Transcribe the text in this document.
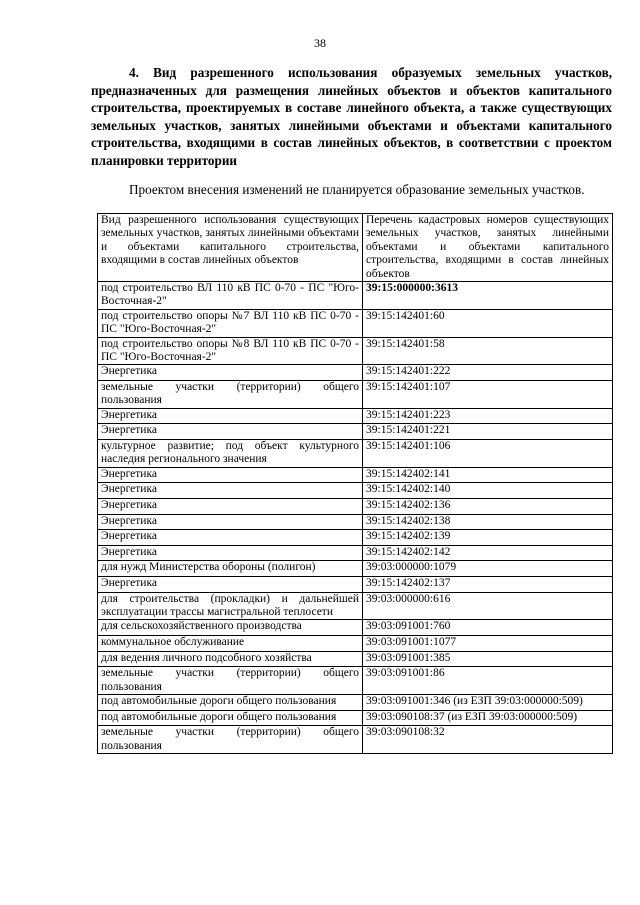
38
4. Вид разрешенного использования образуемых земельных участков, предназначенных для размещения линейных объектов и объектов капитального строительства, проектируемых в составе линейного объекта, а также существующих земельных участков, занятых линейными объектами и объектами капитального строительства, входящими в состав линейных объектов, в соответствии с проектом планировки территории
Проектом внесения изменений не планируется образование земельных участков.
Вид разрешенного использования существующих земельных участков, занятых линейными объектами и объектами капитального строительства, входящими в состав линейных объектов	Перечень кадастровых номеров существующих земельных участков, занятых линейными объектами и объектами капитального строительства, входящими в состав линейных объектов
под строительство ВЛ 110 кВ ПС 0-70 - ПС "Юго-Восточная-2"	39:15:000000:3613
под строительство опоры №7 ВЛ 110 кВ ПС 0-70 - ПС "Юго-Восточная-2"	39:15:142401:60
под строительство опоры №8 ВЛ 110 кВ ПС 0-70 - ПС "Юго-Восточная-2"	39:15:142401:58
Энергетика	39:15:142401:222
земельные участки (территории) общего пользования	39:15:142401:107
Энергетика	39:15:142401:223
Энергетика	39:15:142401:221
культурное развитие; под объект культурного наследия регионального значения	39:15:142401:106
Энергетика	39:15:142402:141
Энергетика	39:15:142402:140
Энергетика	39:15:142402:136
Энергетика	39:15:142402:138
Энергетика	39:15:142402:139
Энергетика	39:15:142402:142
для нужд Министерства обороны (полигон)	39:03:000000:1079
Энергетика	39:15:142402:137
для строительства (прокладки) и дальнейшей эксплуатации трассы магистральной теплосети	39:03:000000:616
для сельскохозяйственного производства	39:03:091001:760
коммунальное обслуживание	39:03:091001:1077
для ведения личного подсобного хозяйства	39:03:091001:385
земельные участки (территории) общего пользования	39:03:091001:86
под автомобильные дороги общего пользования	39:03:091001:346 (из ЕЗП 39:03:000000:509)
под автомобильные дороги общего пользования	39:03:090108:37 (из ЕЗП 39:03:000000:509)
земельные участки (территории) общего пользования	39:03:090108:32
